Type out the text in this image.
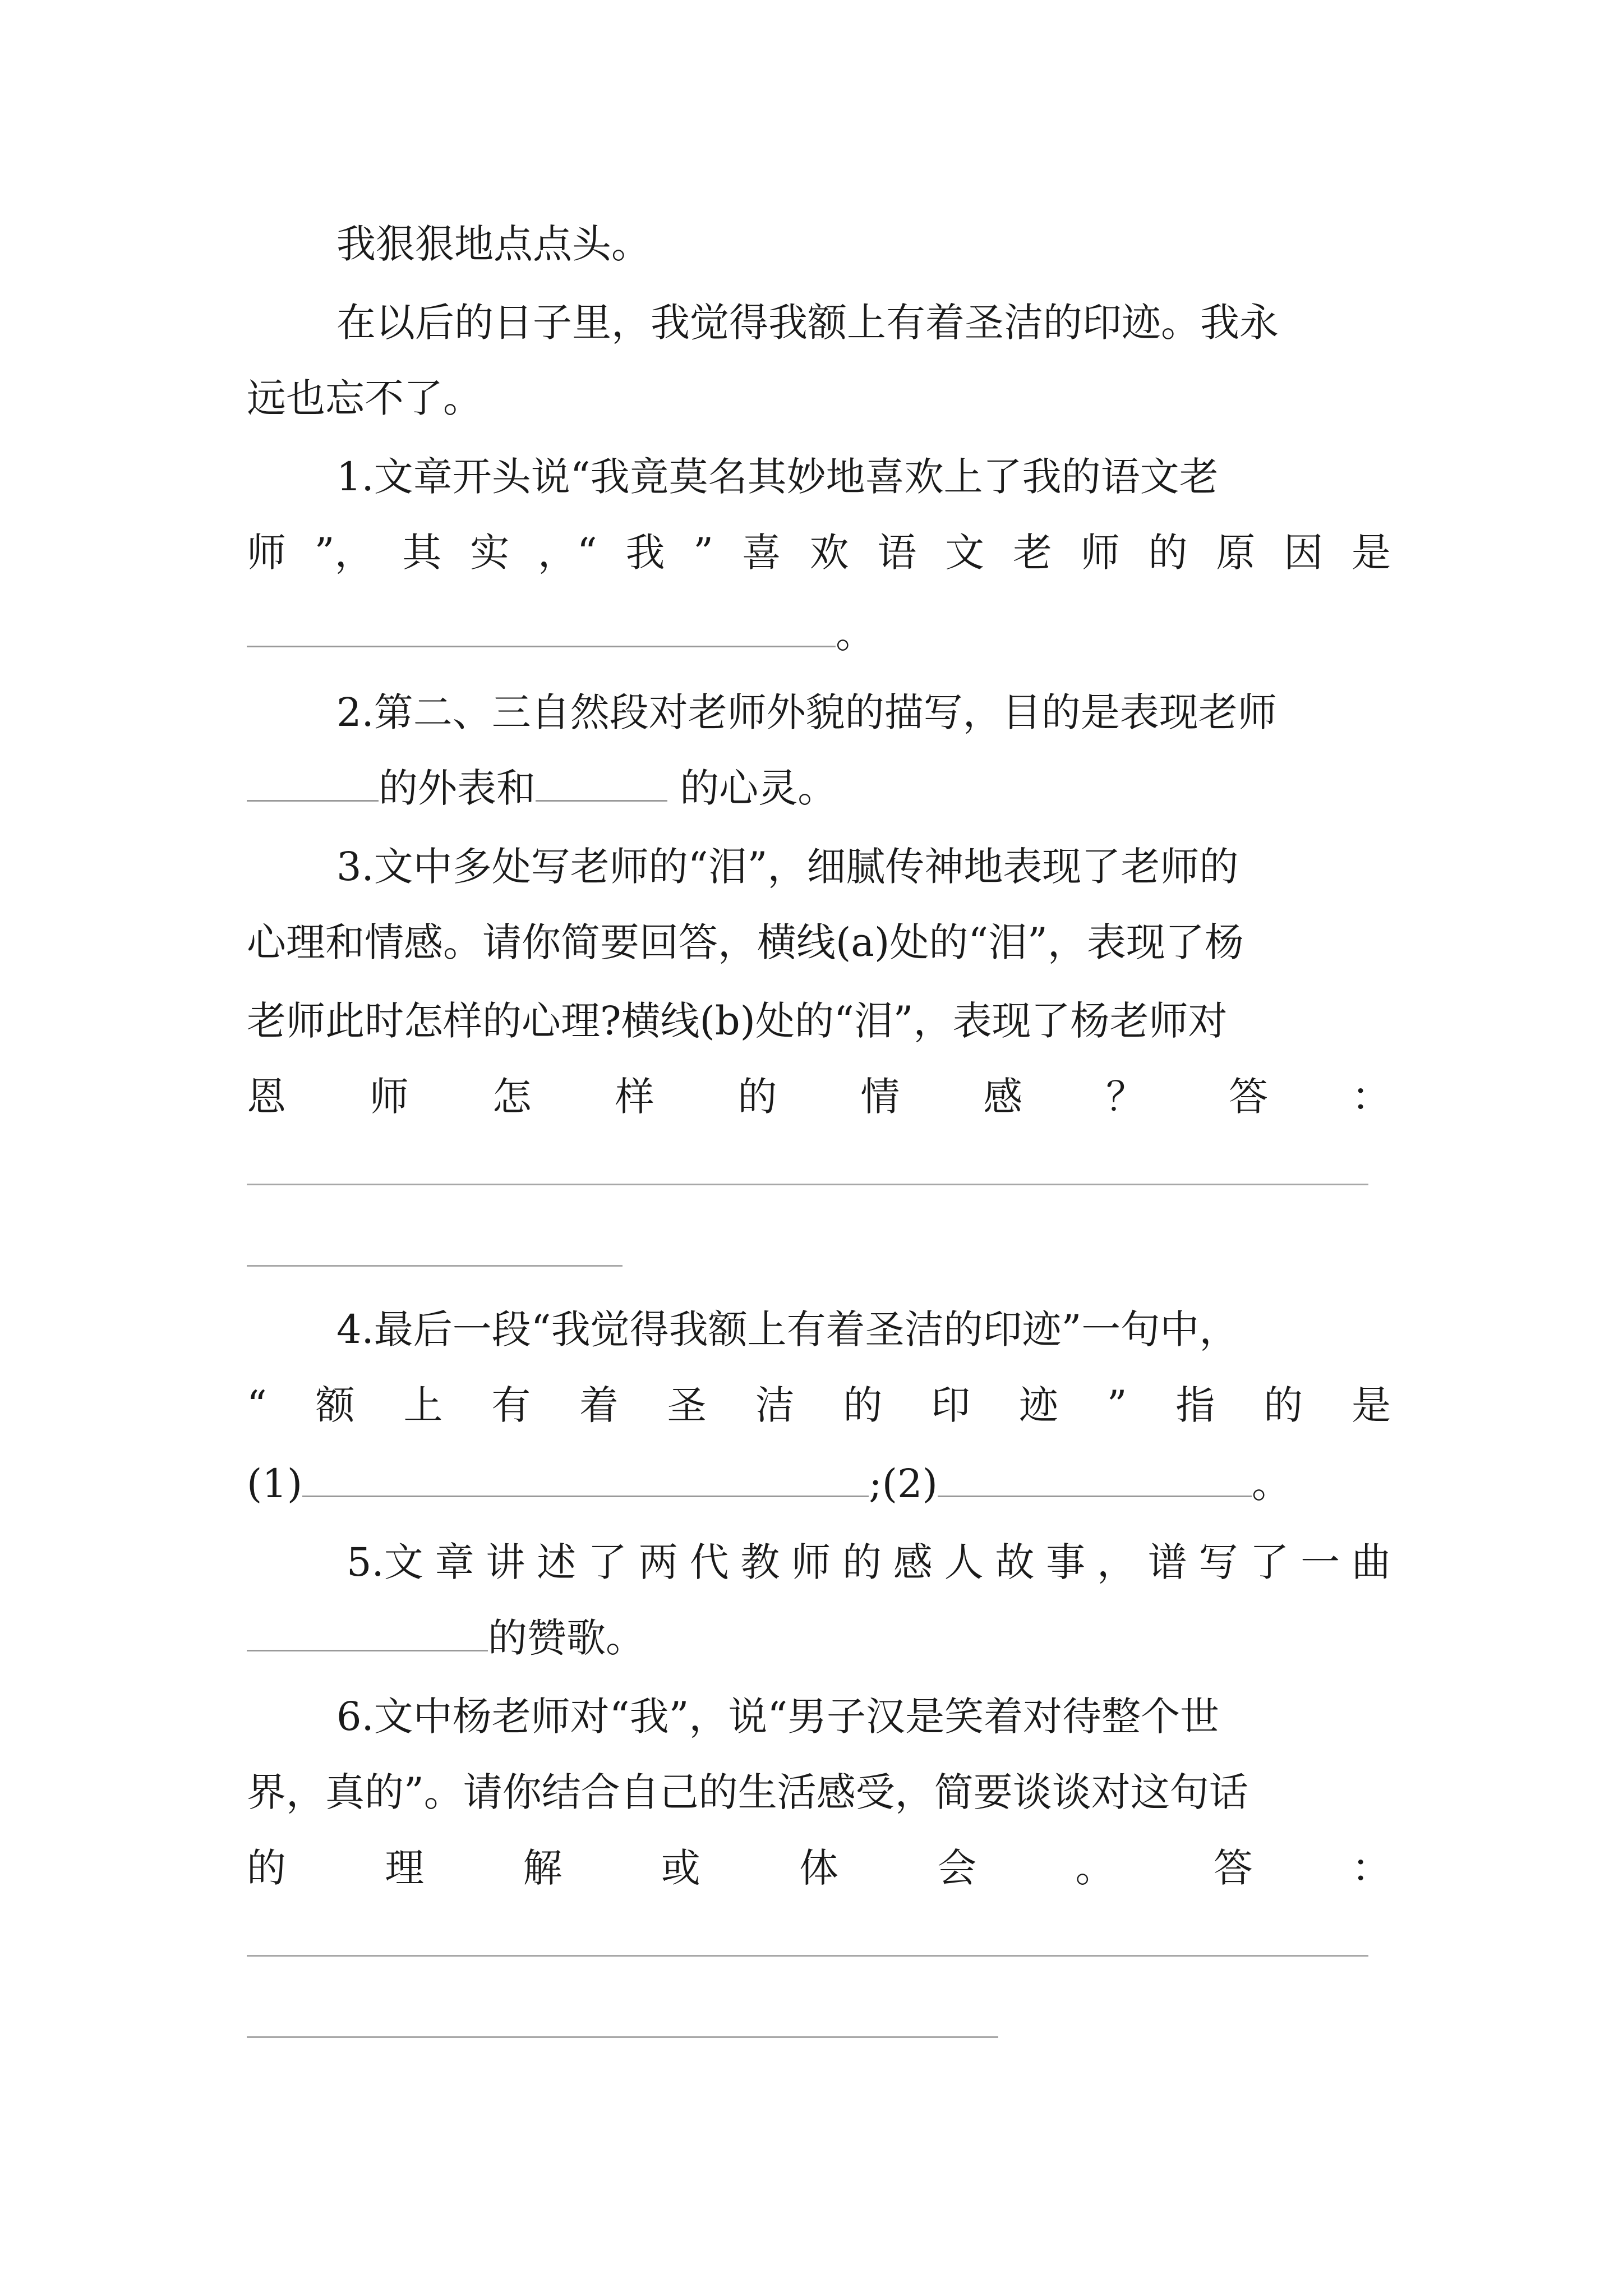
我狠狠地点点头。
在以后的日子里，我觉得我额上有着圣洁的印迹。我永
远也忘不了。
1.文章开头说“我竟莫名其妙地喜欢上了我的语文老
师 ”， 其 实 ，“ 我 ” 喜 欢 语 文 老 师 的 原 因 是
。
2.第二、三自然段对老师外貌的描写，目的是表现老师
的外表和	的心灵。
3.文中多处写老师的“泪”，细腻传神地表现了老师的
心理和情感。请你简要回答，横线(a)处的“泪”，表现了杨
老师此时怎样的心理?横线(b)处的“泪”，表现了杨老师对
恩 师 怎 样 的 情 感 ？ 答 ：
4.最后一段“我觉得我额上有着圣洁的印迹”一句中，
“ 额 上 有 着 圣 洁 的 印 迹 ” 指 的 是
(1)	;(2)	。
5.文 章 讲 述 了 两 代 教 师 的 感 人 故 事 ， 谱 写 了 一 曲
的赞歌。
6.文中杨老师对“我”，说“男子汉是笑着对待整个世
界，真的”。请你结合自己的生活感受，简要谈谈对这句话
的	理	解	或	体	会	。	答	：
